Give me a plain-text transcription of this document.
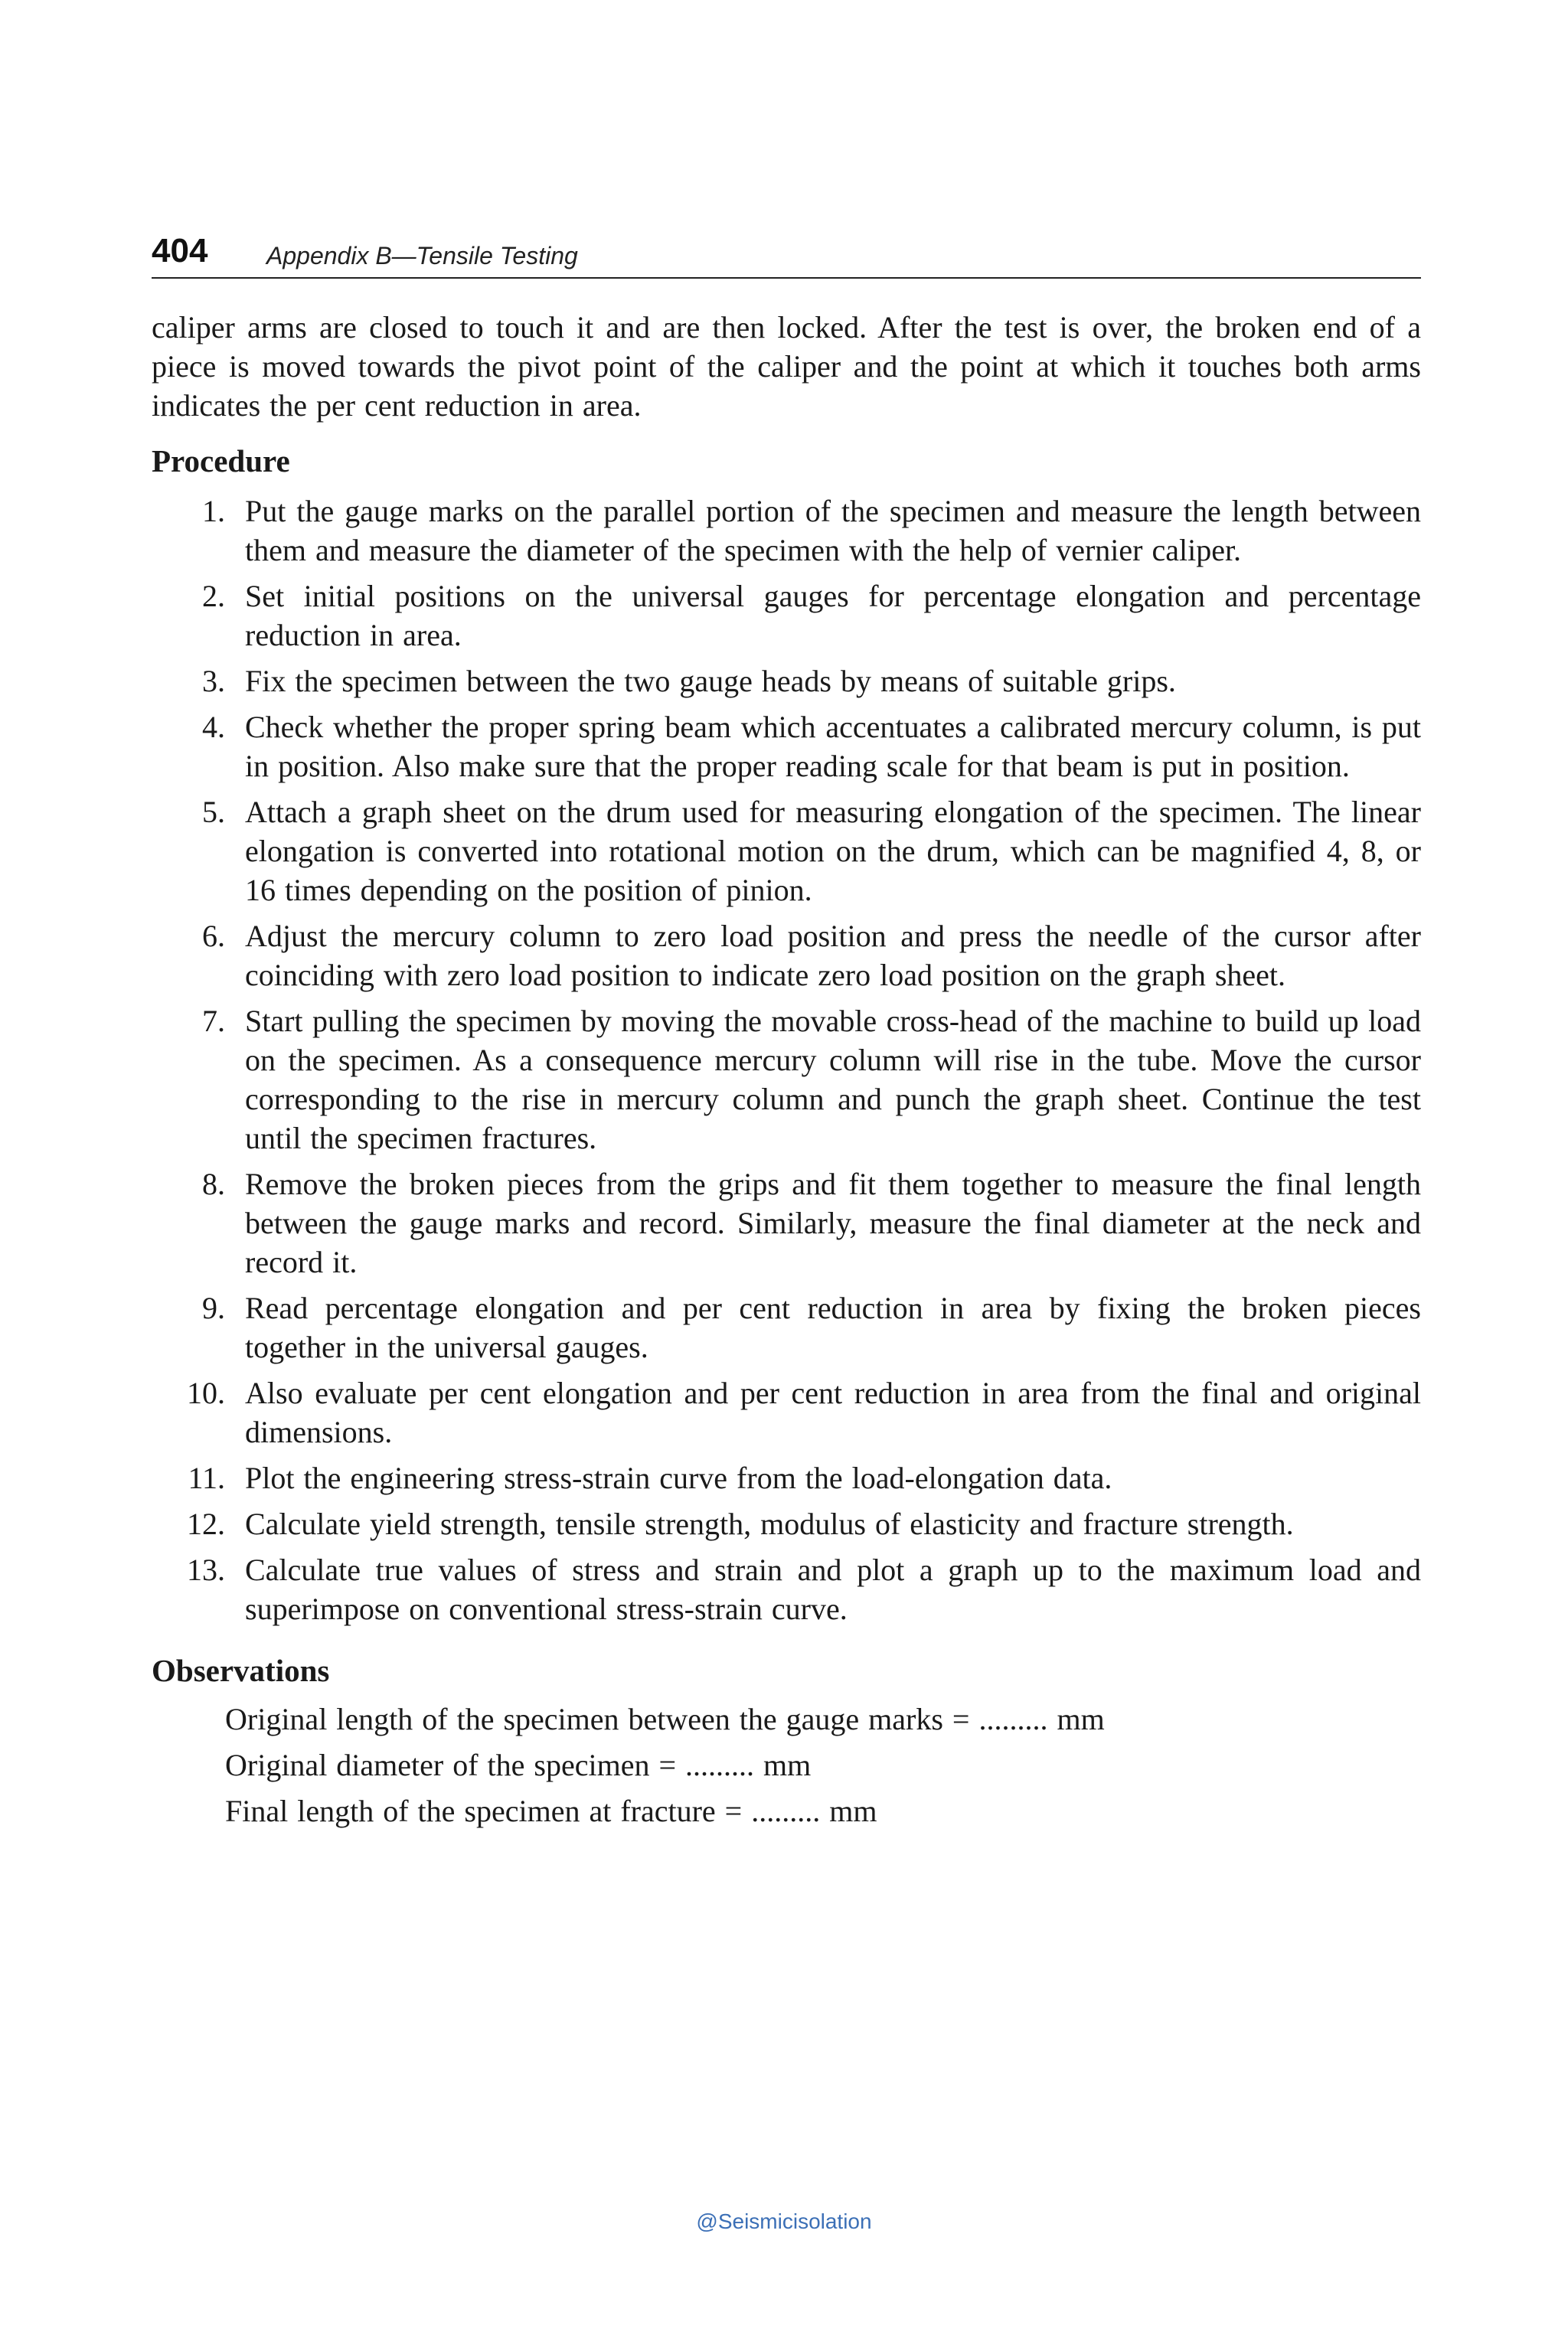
404 Appendix B—Tensile Testing

caliper arms are closed to touch it and are then locked. After the test is over, the broken end of a piece is moved towards the pivot point of the caliper and the point at which it touches both arms indicates the per cent reduction in area.

Procedure
1. Put the gauge marks on the parallel portion of the specimen and measure the length between them and measure the diameter of the specimen with the help of vernier caliper.
2. Set initial positions on the universal gauges for percentage elongation and percentage reduction in area.
3. Fix the specimen between the two gauge heads by means of suitable grips.
4. Check whether the proper spring beam which accentuates a calibrated mercury column, is put in position. Also make sure that the proper reading scale for that beam is put in position.
5. Attach a graph sheet on the drum used for measuring elongation of the specimen. The linear elongation is converted into rotational motion on the drum, which can be magnified 4, 8, or 16 times depending on the position of pinion.
6. Adjust the mercury column to zero load position and press the needle of the cursor after coinciding with zero load position to indicate zero load position on the graph sheet.
7. Start pulling the specimen by moving the movable cross-head of the machine to build up load on the specimen. As a consequence mercury column will rise in the tube. Move the cursor corresponding to the rise in mercury column and punch the graph sheet. Continue the test until the specimen fractures.
8. Remove the broken pieces from the grips and fit them together to measure the final length between the gauge marks and record. Similarly, measure the final diameter at the neck and record it.
9. Read percentage elongation and per cent reduction in area by fixing the broken pieces together in the universal gauges.
10. Also evaluate per cent elongation and per cent reduction in area from the final and original dimensions.
11. Plot the engineering stress-strain curve from the load-elongation data.
12. Calculate yield strength, tensile strength, modulus of elasticity and fracture strength.
13. Calculate true values of stress and strain and plot a graph up to the maximum load and superimpose on conventional stress-strain curve.
Observations

Original length of the specimen between the gauge marks = ......... mm

Original diameter of the specimen = ......... mm

Final length of the specimen at fracture = ......... mm

@Seismicisolation
